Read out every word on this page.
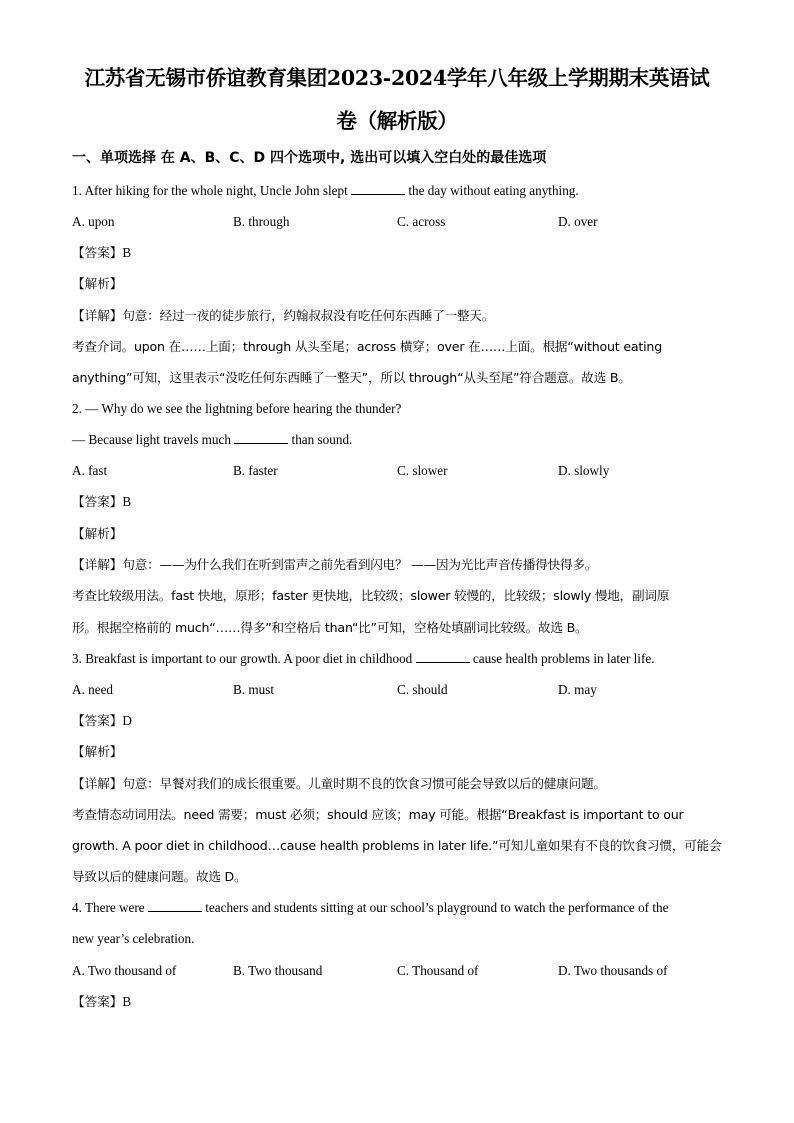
江苏省无锡市侨谊教育集团2023-2024学年八年级上学期期末英语试
卷（解析版）
一、单项选择 在 A、B、C、D 四个选项中, 选出可以填入空白处的最佳选项
1. After hiking for the whole night, Uncle John slept	the day without eating anything.
A. upon	B. through	C. across	D. over
【答案】B
【解析】
【详解】句意：经过一夜的徒步旅行，约翰叔叔没有吃任何东西睡了一整天。
考查介词。upon 在……上面；through 从头至尾；across 横穿；over 在……上面。根据“without eating
anything”可知，这里表示“没吃任何东西睡了一整天”，所以 through“从头至尾”符合题意。故选 B。
2. — Why do we see the lightning before hearing the thunder?
— Because light travels much	than sound.
A. fast	B. faster	C. slower	D. slowly
【答案】B
【解析】
【详解】句意：——为什么我们在听到雷声之前先看到闪电？ ——因为光比声音传播得快得多。
考查比较级用法。fast 快地，原形；faster 更快地，比较级；slower 较慢的，比较级；slowly 慢地，副词原
形。根据空格前的 much“……得多”和空格后 than“比”可知，空格处填副词比较级。故选 B。
3. Breakfast is important to our growth. A poor diet in childhood	cause health problems in later life.
A. need	B. must	C. should	D. may
【答案】D
【解析】
【详解】句意：早餐对我们的成长很重要。儿童时期不良的饮食习惯可能会导致以后的健康问题。
考查情态动词用法。need 需要；must 必须；should 应该；may 可能。根据“Breakfast is important to our
growth. A poor diet in childhood…cause health problems in later life.”可知儿童如果有不良的饮食习惯，可能会
导致以后的健康问题。故选 D。
4. There were	teachers and students sitting at our school’s playground to watch the performance of the
new year’s celebration.
A. Two thousand of	B. Two thousand	C. Thousand of	D. Two thousands of
【答案】B
